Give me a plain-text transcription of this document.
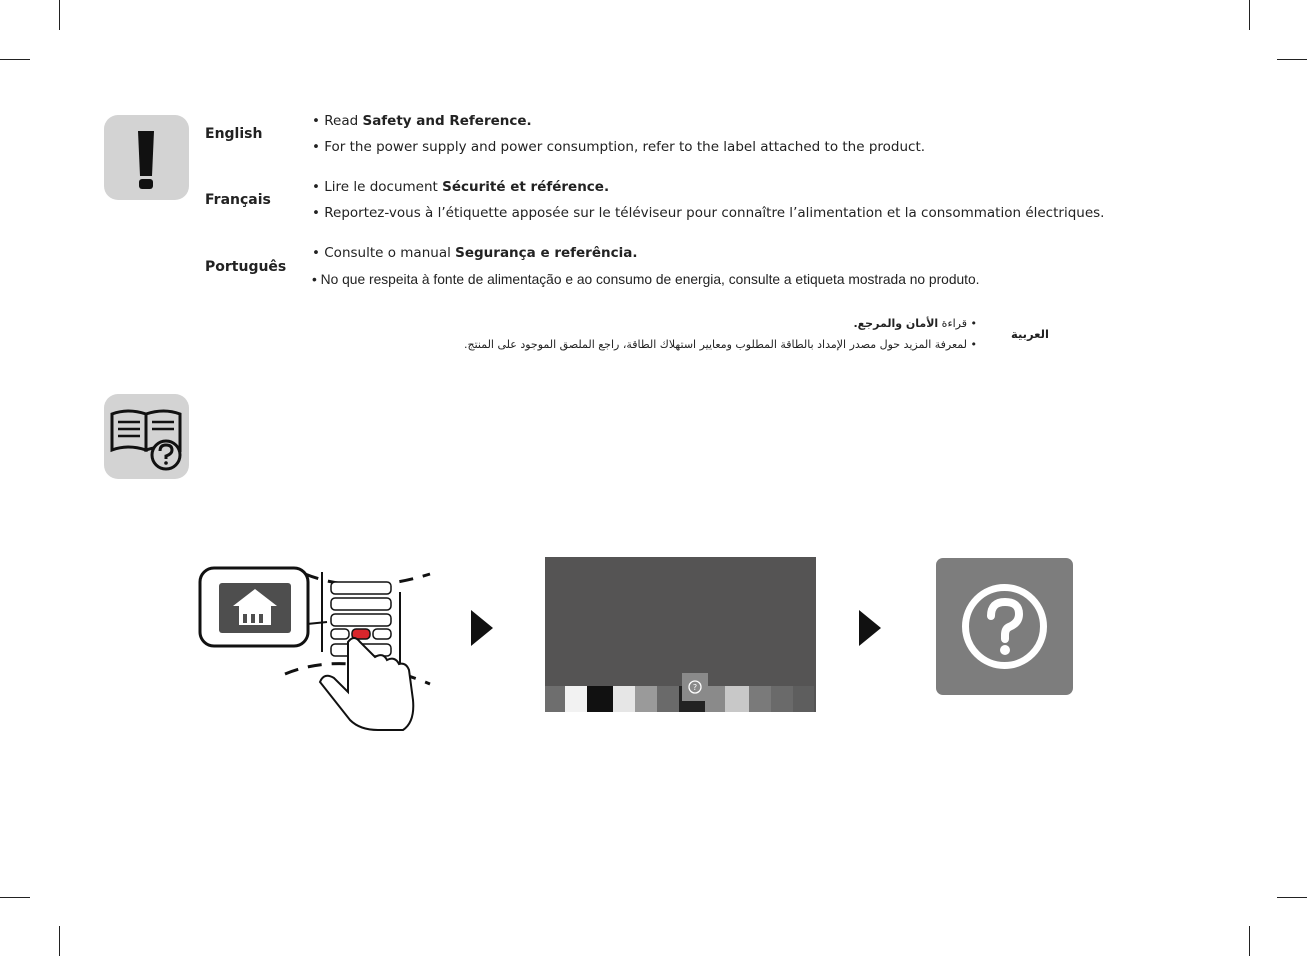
English
• Read Safety and Reference.
• For the power supply and power consumption, refer to the label attached to the product.
Français
• Lire le document Sécurité et référence.
• Reportez-vous à l’étiquette apposée sur le téléviseur pour connaître l’alimentation et la consommation électriques.
Português
• Consulte o manual Segurança e referência.
• No que respeita à fonte de alimentação e ao consumo de energia, consulte a etiqueta mostrada no produto.
العربية
• قراءة الأمان والمرجع.
• لمعرفة المزيد حول مصدر الإمداد بالطاقة المطلوب ومعايير استهلاك الطاقة، راجع الملصق الموجود على المنتج.
?
